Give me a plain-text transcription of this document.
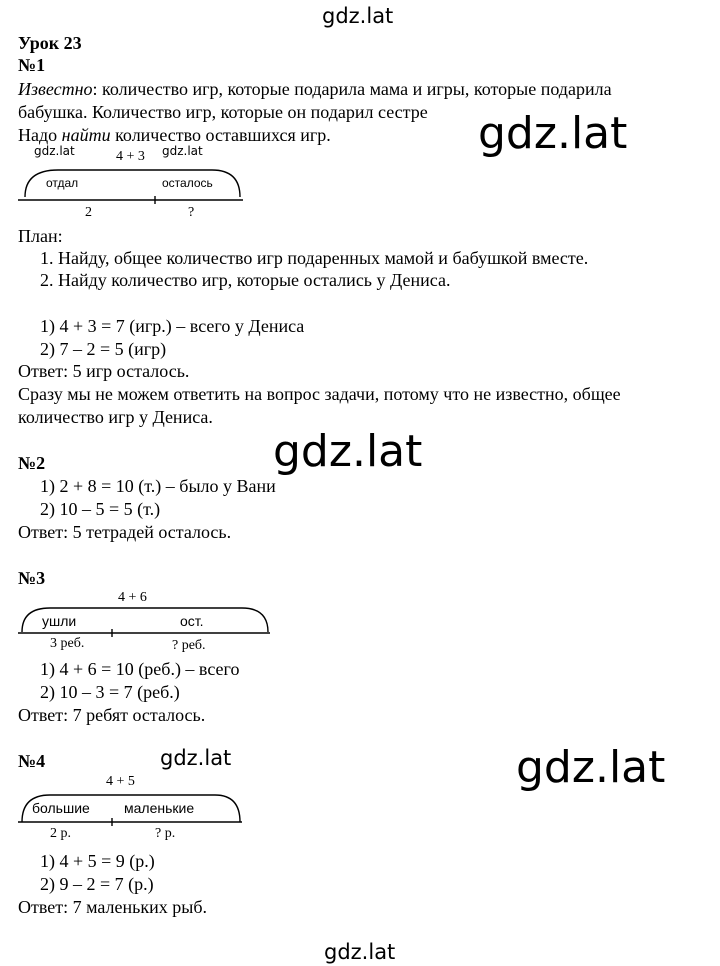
gdz.lat
gdz.lat
gdz.lat
gdz.lat	gdz.lat
gdz.lat
Урок 23
№1
Известно: количество игр, которые подарила мама и игры, которые подарила
бабушка. Количество игр, которые он подарил сестре
Надо найти количество оставшихся игр.
gdz.lat	4 + 3 gdz.lat
отдал	осталось
2	?
План:
1. Найду, общее количество игр подаренных мамой и бабушкой вместе.
2. Найду количество игр, которые остались у Дениса.
1) 4 + 3 = 7 (игр.) – всего у Дениса
2) 7 – 2 = 5 (игр)
Ответ: 5 игр осталось.
Сразу мы не можем ответить на вопрос задачи, потому что не известно, общее
количество игр у Дениса.
№2
1) 2 + 8 = 10 (т.) – было у Вани
2) 10 – 5 = 5 (т.)
Ответ: 5 тетрадей осталось.
№3
4 + 6
ушли	ост.
3 реб.	? реб.
1) 4 + 6 = 10 (реб.) – всего
2) 10 – 3 = 7 (реб.)
Ответ: 7 ребят осталось.
№4
4 + 5
большие маленькие
2 р.	? р.
1) 4 + 5 = 9 (р.)
2) 9 – 2 = 7 (р.)
Ответ: 7 маленьких рыб.
